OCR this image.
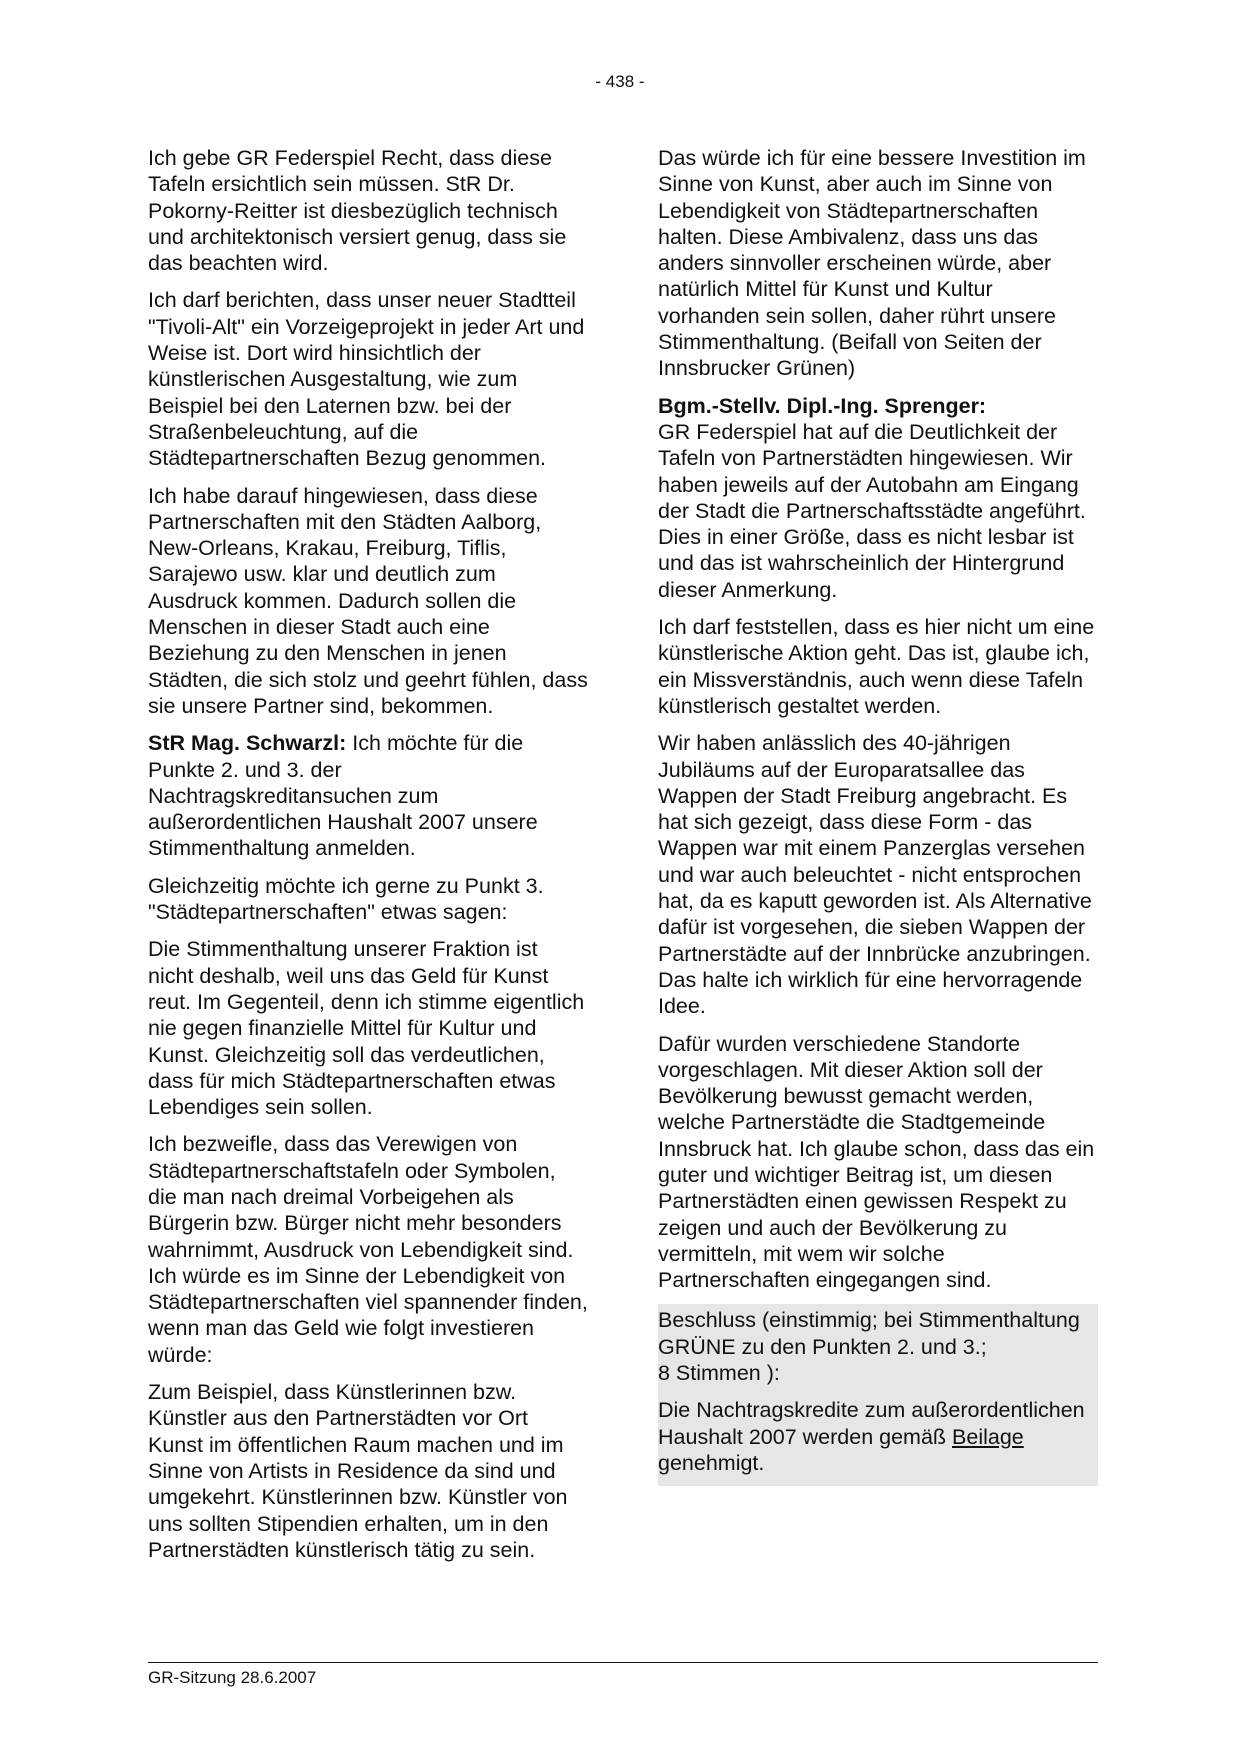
- 438 -

Ich gebe GR Federspiel Recht, dass diese Tafeln ersichtlich sein müssen. StR Dr. Pokorny-Reitter ist diesbezüglich technisch und architektonisch versiert genug, dass sie das beachten wird.

Ich darf berichten, dass unser neuer Stadtteil "Tivoli-Alt" ein Vorzeigeprojekt in jeder Art und Weise ist. Dort wird hinsichtlich der künstlerischen Ausgestaltung, wie zum Beispiel bei den Laternen bzw. bei der Straßenbeleuchtung, auf die Städtepartnerschaften Bezug genommen.

Ich habe darauf hingewiesen, dass diese Partnerschaften mit den Städten Aalborg, New-Orleans, Krakau, Freiburg, Tiflis, Sarajewo usw. klar und deutlich zum Ausdruck kommen. Dadurch sollen die Menschen in dieser Stadt auch eine Beziehung zu den Menschen in jenen Städten, die sich stolz und geehrt fühlen, dass sie unsere Partner sind, bekommen.

StR Mag. Schwarzl: Ich möchte für die Punkte 2. und 3. der Nachtragskreditansuchen zum außerordentlichen Haushalt 2007 unsere Stimmenthaltung anmelden.

Gleichzeitig möchte ich gerne zu Punkt 3. "Städtepartnerschaften" etwas sagen:

Die Stimmenthaltung unserer Fraktion ist nicht deshalb, weil uns das Geld für Kunst reut. Im Gegenteil, denn ich stimme eigentlich nie gegen finanzielle Mittel für Kultur und Kunst. Gleichzeitig soll das verdeutlichen, dass für mich Städtepartnerschaften etwas Lebendiges sein sollen.

Ich bezweifle, dass das Verewigen von Städtepartnerschaftstafeln oder Symbolen, die man nach dreimal Vorbeigehen als Bürgerin bzw. Bürger nicht mehr besonders wahrnimmt, Ausdruck von Lebendigkeit sind. Ich würde es im Sinne der Lebendigkeit von Städtepartnerschaften viel spannender finden, wenn man das Geld wie folgt investieren würde:

Zum Beispiel, dass Künstlerinnen bzw. Künstler aus den Partnerstädten vor Ort Kunst im öffentlichen Raum machen und im Sinne von Artists in Residence da sind und umgekehrt. Künstlerinnen bzw. Künstler von uns sollten Stipendien erhalten, um in den Partnerstädten künstlerisch tätig zu sein.

Das würde ich für eine bessere Investition im Sinne von Kunst, aber auch im Sinne von Lebendigkeit von Städtepartnerschaften halten. Diese Ambivalenz, dass uns das anders sinnvoller erscheinen würde, aber natürlich Mittel für Kunst und Kultur vorhanden sein sollen, daher rührt unsere Stimmenthaltung. (Beifall von Seiten der Innsbrucker Grünen)

Bgm.-Stellv. Dipl.-Ing. Sprenger:
GR Federspiel hat auf die Deutlichkeit der Tafeln von Partnerstädten hingewiesen. Wir haben jeweils auf der Autobahn am Eingang der Stadt die Partnerschaftsstädte angeführt. Dies in einer Größe, dass es nicht lesbar ist und das ist wahrscheinlich der Hintergrund dieser Anmerkung.

Ich darf feststellen, dass es hier nicht um eine künstlerische Aktion geht. Das ist, glaube ich, ein Missverständnis, auch wenn diese Tafeln künstlerisch gestaltet werden.

Wir haben anlässlich des 40-jährigen Jubiläums auf der Europaratsallee das Wappen der Stadt Freiburg angebracht. Es hat sich gezeigt, dass diese Form - das Wappen war mit einem Panzerglas versehen und war auch beleuchtet - nicht entsprochen hat, da es kaputt geworden ist. Als Alternative dafür ist vorgesehen, die sieben Wappen der Partnerstädte auf der Innbrücke anzubringen. Das halte ich wirklich für eine hervorragende Idee.

Dafür wurden verschiedene Standorte vorgeschlagen. Mit dieser Aktion soll der Bevölkerung bewusst gemacht werden, welche Partnerstädte die Stadtgemeinde Innsbruck hat. Ich glaube schon, dass das ein guter und wichtiger Beitrag ist, um diesen Partnerstädten einen gewissen Respekt zu zeigen und auch der Bevölkerung zu vermitteln, mit wem wir solche Partnerschaften eingegangen sind.

Beschluss (einstimmig; bei Stimmenthaltung GRÜNE zu den Punkten 2. und 3.;
8 Stimmen ):

Die Nachtragskredite zum außerordentlichen Haushalt 2007 werden gemäß Beilage genehmigt.

GR-Sitzung 28.6.2007
